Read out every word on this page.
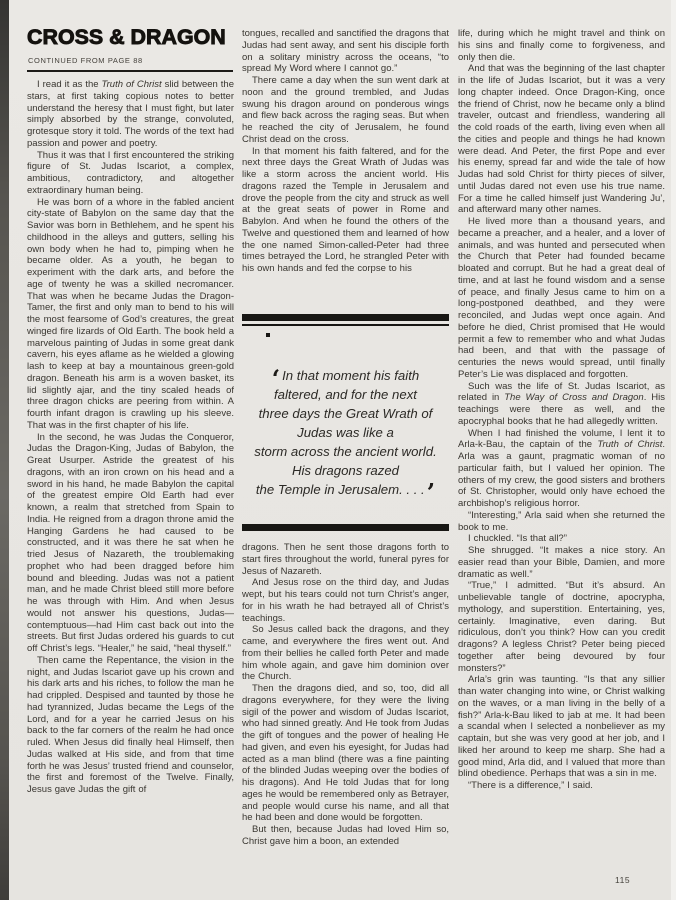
CROSS & DRAGON
CONTINUED FROM PAGE 88

I read it as the Truth of Christ slid between the stars, at first taking copious notes to better understand the heresy that I must fight, but later simply absorbed by the strange, convoluted, grotesque story it told. The words of the text had passion and power and poetry.

Thus it was that I first encountered the striking figure of St. Judas Iscariot, a complex, ambitious, contradictory, and altogether extraordinary human being.

He was born of a whore in the fabled ancient city-state of Babylon on the same day that the Savior was born in Bethlehem, and he spent his childhood in the alleys and gutters, selling his own body when he had to, pimping when he became older. As a youth, he began to experiment with the dark arts, and before the age of twenty he was a skilled necromancer. That was when he became Judas the Dragon-Tamer, the first and only man to bend to his will the most fearsome of God’s creatures, the great winged fire lizards of Old Earth. The book held a marvelous painting of Judas in some great dank cavern, his eyes aflame as he wielded a glowing lash to keep at bay a mountainous green-gold dragon. Beneath his arm is a woven basket, its lid slightly ajar, and the tiny scaled heads of three dragon chicks are peering from within. A fourth infant dragon is crawling up his sleeve. That was in the first chapter of his life.

In the second, he was Judas the Conqueror, Judas the Dragon-King, Judas of Babylon, the Great Usurper. Astride the greatest of his dragons, with an iron crown on his head and a sword in his hand, he made Babylon the capital of the greatest empire Old Earth had ever known, a realm that stretched from Spain to India. He reigned from a dragon throne amid the Hanging Gardens he had caused to be constructed, and it was there he sat when he tried Jesus of Nazareth, the troublemaking prophet who had been dragged before him bound and bleeding. Judas was not a patient man, and he made Christ bleed still more before he was through with Him. And when Jesus would not answer his questions, Judas—contemptuous—had Him cast back out into the streets. But first Judas ordered his guards to cut off Christ’s legs. “Healer,” he said, “heal thyself.”

Then came the Repentance, the vision in the night, and Judas Iscariot gave up his crown and his dark arts and his riches, to follow the man he had crippled. Despised and taunted by those he had tyrannized, Judas became the Legs of the Lord, and for a year he carried Jesus on his back to the far corners of the realm he had once ruled. When Jesus did finally heal Himself, then Judas walked at His side, and from that time forth he was Jesus’ trusted friend and counselor, the first and foremost of the Twelve. Finally, Jesus gave Judas the gift of

tongues, recalled and sanctified the dragons that Judas had sent away, and sent his disciple forth on a solitary ministry across the oceans, “to spread My Word where I cannot go.”

There came a day when the sun went dark at noon and the ground trembled, and Judas swung his dragon around on ponderous wings and flew back across the raging seas. But when he reached the city of Jerusalem, he found Christ dead on the cross.

In that moment his faith faltered, and for the next three days the Great Wrath of Judas was like a storm across the ancient world. His dragons razed the Temple in Jerusalem and drove the people from the city and struck as well at the great seats of power in Rome and Babylon. And when he found the others of the Twelve and questioned them and learned of how the one named Simon-called-Peter had three times betrayed the Lord, he strangled Peter with his own hands and fed the corpse to his

‘ In that moment his faith
faltered, and for the next
three days the Great Wrath of
Judas was like a
storm across the ancient world.
His dragons razed
the Temple in Jerusalem. . . .’

dragons. Then he sent those dragons forth to start fires throughout the world, funeral pyres for Jesus of Nazareth.

And Jesus rose on the third day, and Judas wept, but his tears could not turn Christ’s anger, for in his wrath he had betrayed all of Christ’s teachings.

So Jesus called back the dragons, and they came, and everywhere the fires went out. And from their bellies he called forth Peter and made him whole again, and gave him dominion over the Church.

Then the dragons died, and so, too, did all dragons everywhere, for they were the living sigil of the power and wisdom of Judas Iscariot, who had sinned greatly. And He took from Judas the gift of tongues and the power of healing He had given, and even his eyesight, for Judas had acted as a man blind (there was a fine painting of the blinded Judas weeping over the bodies of his dragons). And He told Judas that for long ages he would be remembered only as Betrayer, and people would curse his name, and all that he had been and done would be forgotten.

But then, because Judas had loved Him so, Christ gave him a boon, an extended

life, during which he might travel and think on his sins and finally come to forgiveness, and only then die.

And that was the beginning of the last chapter in the life of Judas Iscariot, but it was a very long chapter indeed. Once Dragon-King, once the friend of Christ, now he became only a blind traveler, outcast and friendless, wandering all the cold roads of the earth, living even when all the cities and people and things he had known were dead. And Peter, the first Pope and ever his enemy, spread far and wide the tale of how Judas had sold Christ for thirty pieces of silver, until Judas dared not even use his true name. For a time he called himself just Wandering Ju’, and afterward many other names.

He lived more than a thousand years, and became a preacher, and a healer, and a lover of animals, and was hunted and persecuted when the Church that Peter had founded became bloated and corrupt. But he had a great deal of time, and at last he found wisdom and a sense of peace, and finally Jesus came to him on a long-postponed deathbed, and they were reconciled, and Judas wept once again. And before he died, Christ promised that He would permit a few to remember who and what Judas had been, and that with the passage of centuries the news would spread, until finally Peter’s Lie was displaced and forgotten.

Such was the life of St. Judas Iscariot, as related in The Way of Cross and Dragon. His teachings were there as well, and the apocryphal books that he had allegedly written.

When I had finished the volume, I lent it to Arla-k-Bau, the captain of the Truth of Christ. Arla was a gaunt, pragmatic woman of no particular faith, but I valued her opinion. The others of my crew, the good sisters and brothers of St. Christopher, would only have echoed the archbishop’s religious horror.

“Interesting,” Arla said when she returned the book to me.

I chuckled. “Is that all?”

She shrugged. “It makes a nice story. An easier read than your Bible, Damien, and more dramatic as well.”

“True,” I admitted. “But it’s absurd. An unbelievable tangle of doctrine, apocrypha, mythology, and superstition. Entertaining, yes, certainly. Imaginative, even daring. But ridiculous, don’t you think? How can you credit dragons? A legless Christ? Peter being pieced together after being devoured by four monsters?”

Arla’s grin was taunting. “Is that any sillier than water changing into wine, or Christ walking on the waves, or a man living in the belly of a fish?” Arla-k-Bau liked to jab at me. It had been a scandal when I selected a nonbeliever as my captain, but she was very good at her job, and I liked her around to keep me sharp. She had a good mind, Arla did, and I valued that more than blind obedience. Perhaps that was a sin in me.

“There is a difference,” I said.

115
